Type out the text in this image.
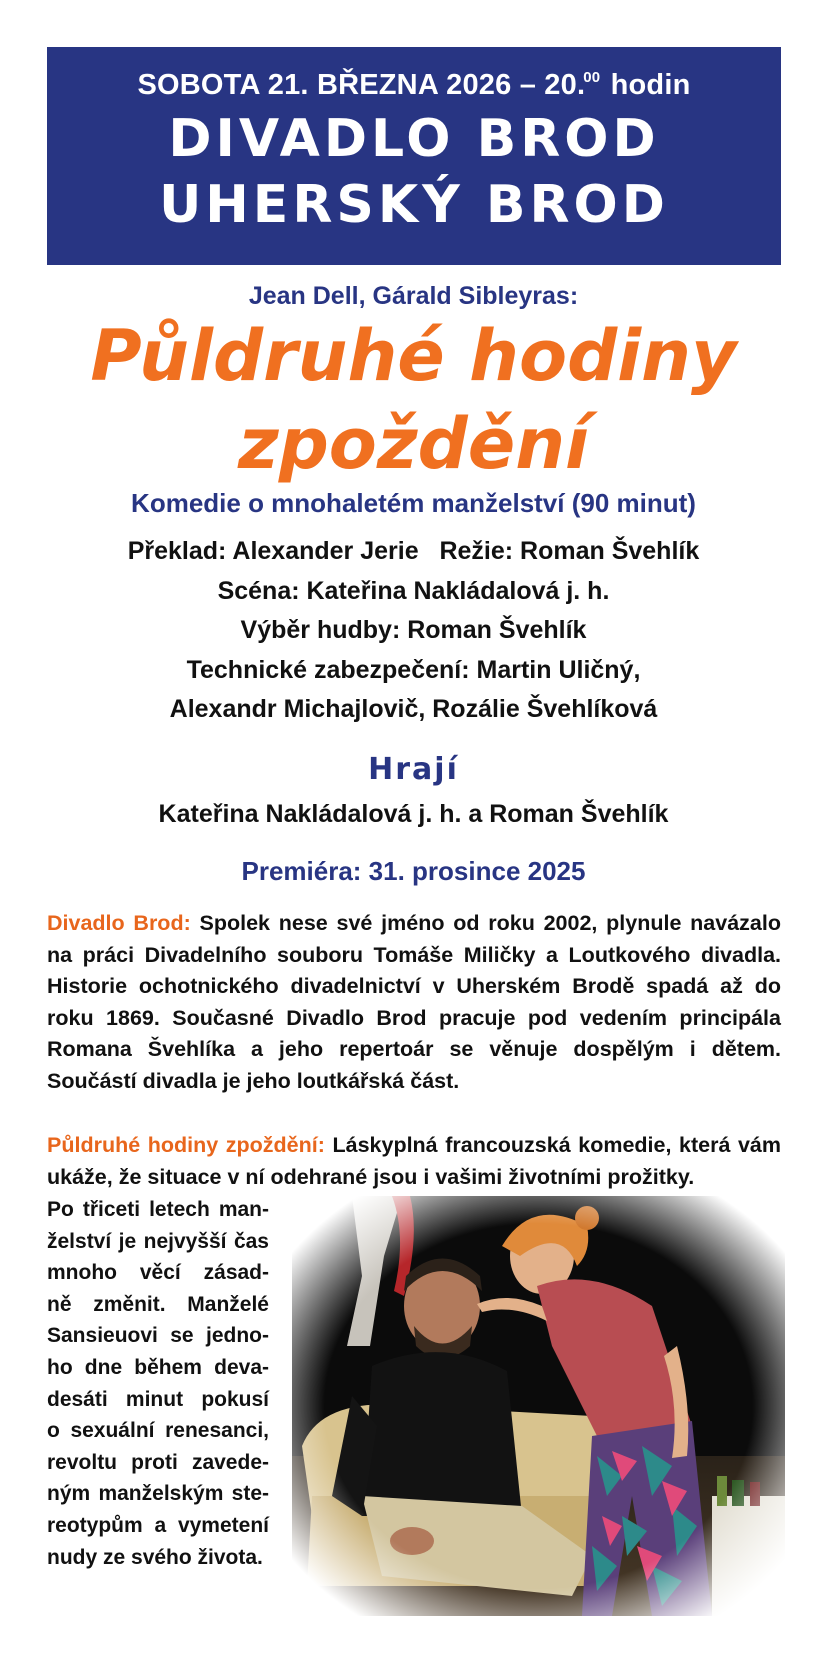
SOBOTA 21. BŘEZNA 2026 – 20.00 hodin
DIVADLO BROD
UHERSKÝ BROD
Jean Dell, Gárald Sibleyras:
Půldruhé hodiny
zpoždění
Komedie o mnohaletém manželství (90 minut)
Překlad: Alexander Jerie   Režie: Roman Švehlík
Scéna: Kateřina Nakládalová j. h.
Výběr hudby: Roman Švehlík
Technické zabezpečení: Martin Uličný,
Alexandr Michajlovič, Rozálie Švehlíková
Hrají
Kateřina Nakládalová j. h. a Roman Švehlík
Premiéra: 31. prosince 2025
Divadlo Brod: Spolek nese své jméno od roku 2002, plynule navázalo na práci Divadelního souboru Tomáše Miličky a Loutkového divadla. Historie ochotnického divadelnictví v Uherském Brodě spadá až do roku 1869. Současné Divadlo Brod pracuje pod vedením principála Romana Švehlíka a jeho repertoár se věnuje dospělým i dětem. Součástí divadla je jeho loutkářská část.
Půldruhé hodiny zpoždění: Láskyplná francouzská komedie, která vám ukáže, že situace v ní odehrané jsou i vašimi životními prožitky.
Po třiceti letech man-
želství je nejvyšší čas
mnoho věcí zásad-
ně změnit. Manželé
Sansieuovi se jedno-
ho dne během deva-
desáti minut pokusí
o sexuální renesanci,
revoltu proti zavede-
ným manželským ste-
reotypům a vymetení
nudy ze svého života.
